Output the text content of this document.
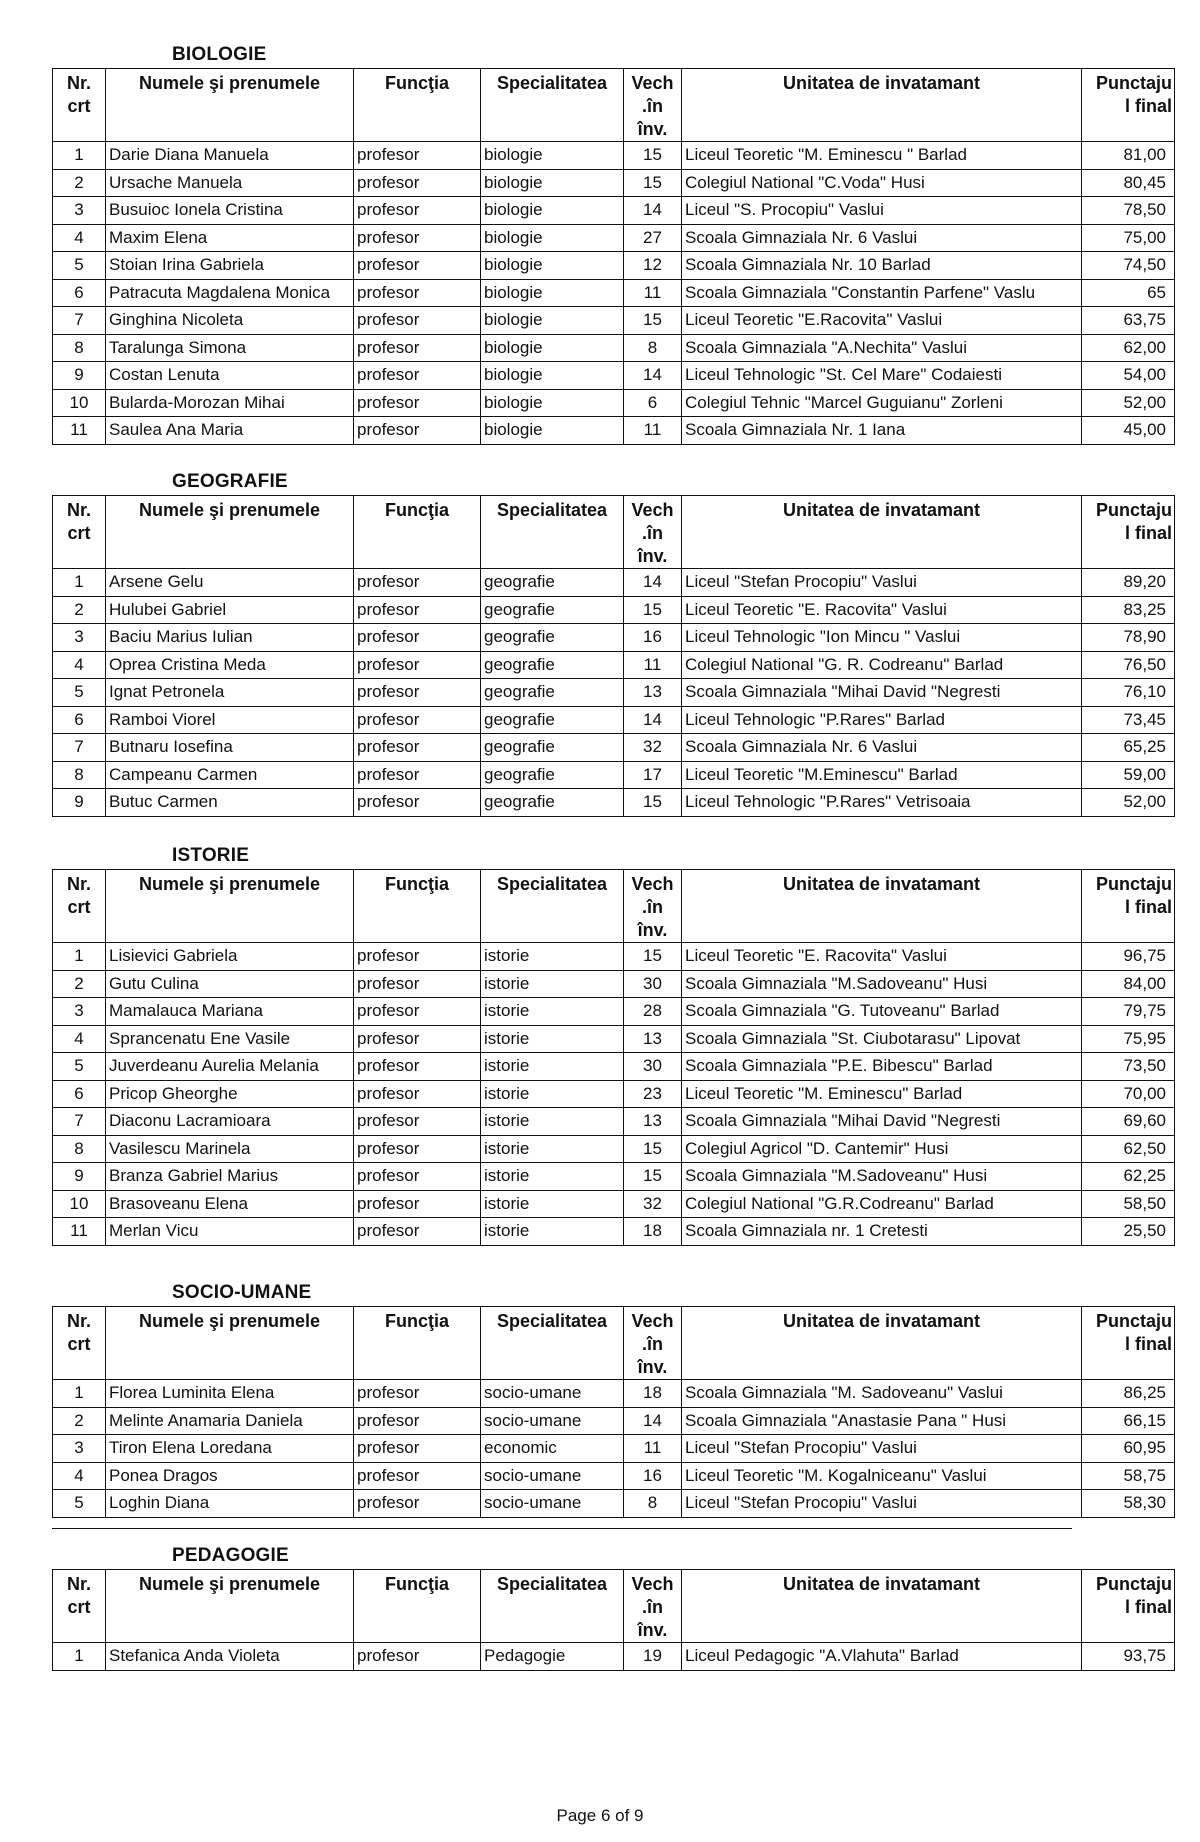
BIOLOGIE
Nr.
crt	Numele şi prenumele	Funcţia	Specialitatea	Vech
.în
înv.	Unitatea de invatamant	Punctaju
l final

1	Darie Diana Manuela	profesor	biologie	15	Liceul Teoretic "M. Eminescu " Barlad	81,00
2	Ursache Manuela	profesor	biologie	15	Colegiul National "C.Voda" Husi	80,45
3	Busuioc Ionela Cristina	profesor	biologie	14	Liceul "S. Procopiu" Vaslui	78,50
4	Maxim Elena	profesor	biologie	27	Scoala Gimnaziala Nr. 6 Vaslui	75,00
5	Stoian Irina Gabriela	profesor	biologie	12	Scoala Gimnaziala Nr. 10 Barlad	74,50
6	Patracuta Magdalena Monica	profesor	biologie	11	Scoala Gimnaziala "Constantin Parfene" Vaslu	65
7	Ginghina Nicoleta	profesor	biologie	15	Liceul Teoretic "E.Racovita" Vaslui	63,75
8	Taralunga Simona	profesor	biologie	8	Scoala Gimnaziala "A.Nechita" Vaslui	62,00
9	Costan Lenuta	profesor	biologie	14	Liceul Tehnologic "St. Cel Mare" Codaiesti	54,00
10	Bularda-Morozan Mihai	profesor	biologie	6	Colegiul Tehnic "Marcel Guguianu" Zorleni	52,00
11	Saulea Ana Maria	profesor	biologie	11	Scoala Gimnaziala Nr. 1 Iana	45,00
GEOGRAFIE
Nr.
crt	Numele şi prenumele	Funcţia	Specialitatea	Vech
.în
înv.	Unitatea de invatamant	Punctaju
l final

1	Arsene Gelu	profesor	geografie	14	Liceul "Stefan Procopiu" Vaslui	89,20
2	Hulubei Gabriel	profesor	geografie	15	Liceul Teoretic "E. Racovita" Vaslui	83,25
3	Baciu Marius Iulian	profesor	geografie	16	Liceul Tehnologic "Ion Mincu " Vaslui	78,90
4	Oprea Cristina Meda	profesor	geografie	11	Colegiul National "G. R. Codreanu" Barlad	76,50
5	Ignat Petronela	profesor	geografie	13	Scoala Gimnaziala "Mihai David "Negresti	76,10
6	Ramboi Viorel	profesor	geografie	14	Liceul Tehnologic "P.Rares" Barlad	73,45
7	Butnaru Iosefina	profesor	geografie	32	Scoala Gimnaziala Nr. 6 Vaslui	65,25
8	Campeanu Carmen	profesor	geografie	17	Liceul Teoretic "M.Eminescu" Barlad	59,00
9	Butuc Carmen	profesor	geografie	15	Liceul Tehnologic "P.Rares" Vetrisoaia	52,00
ISTORIE
Nr.
crt	Numele şi prenumele	Funcţia	Specialitatea	Vech
.în
înv.	Unitatea de invatamant	Punctaju
l final

1	Lisievici Gabriela	profesor	istorie	15	Liceul Teoretic "E. Racovita" Vaslui	96,75
2	Gutu Culina	profesor	istorie	30	Scoala Gimnaziala "M.Sadoveanu" Husi	84,00
3	Mamalauca Mariana	profesor	istorie	28	Scoala Gimnaziala "G. Tutoveanu" Barlad	79,75
4	Sprancenatu Ene Vasile	profesor	istorie	13	Scoala Gimnaziala "St. Ciubotarasu" Lipovat	75,95
5	Juverdeanu Aurelia Melania	profesor	istorie	30	Scoala Gimnaziala "P.E. Bibescu" Barlad	73,50
6	Pricop Gheorghe	profesor	istorie	23	Liceul Teoretic "M. Eminescu" Barlad	70,00
7	Diaconu Lacramioara	profesor	istorie	13	Scoala Gimnaziala "Mihai David "Negresti	69,60
8	Vasilescu Marinela	profesor	istorie	15	Colegiul Agricol "D. Cantemir" Husi	62,50
9	Branza Gabriel Marius	profesor	istorie	15	Scoala Gimnaziala "M.Sadoveanu" Husi	62,25
10	Brasoveanu Elena	profesor	istorie	32	Colegiul National "G.R.Codreanu" Barlad	58,50
11	Merlan Vicu	profesor	istorie	18	Scoala Gimnaziala nr. 1 Cretesti	25,50
SOCIO-UMANE
Nr.
crt	Numele şi prenumele	Funcţia	Specialitatea	Vech
.în
înv.	Unitatea de invatamant	Punctaju
l final

1	Florea Luminita Elena	profesor	socio-umane	18	Scoala Gimnaziala "M. Sadoveanu" Vaslui	86,25
2	Melinte Anamaria Daniela	profesor	socio-umane	14	Scoala Gimnaziala "Anastasie Pana " Husi	66,15
3	Tiron Elena Loredana	profesor	economic	11	Liceul "Stefan Procopiu" Vaslui	60,95
4	Ponea Dragos	profesor	socio-umane	16	Liceul Teoretic "M. Kogalniceanu" Vaslui	58,75
5	Loghin Diana	profesor	socio-umane	8	Liceul "Stefan Procopiu" Vaslui	58,30
PEDAGOGIE
Nr.
crt	Numele şi prenumele	Funcţia	Specialitatea	Vech
.în
înv.	Unitatea de invatamant	Punctaju
l final

1	Stefanica Anda Violeta	profesor	Pedagogie	19	Liceul Pedagogic "A.Vlahuta" Barlad	93,75
Page 6 of 9
